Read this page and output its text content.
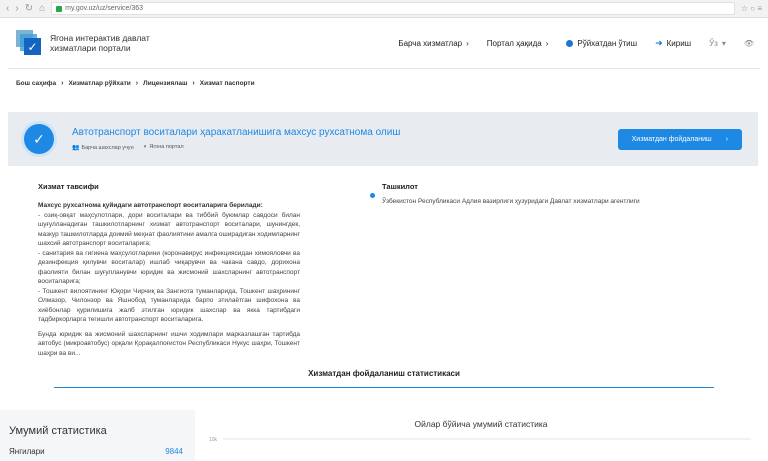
‹ › ↻ ⌂	my.gov.uz/uz/service/363	☆ ○ ≡
✓
Ягона интерактив давлат
хизматлари портали	Барча хизматлар › Портал ҳақида ›	Рўйхатдан ўтиш ➜ Кириш Ўз ▾ 👁
Бош саҳифа › Хизматлар рўйхати › Лицензиялаш › Хизмат паспорти
✓	Автотранспорт воситалари ҳаракатланишига махсус рухсатнома олиш
👥 Барча шахслар учун ◐ Ягона портал
Хизматдан фойдаланиш ›
Хизмат тавсифи

Махсус рухсатнома қуйидаги автотранспорт воситаларига берилади:

- озиқ-овқат маҳсулотлари, дори воситалари ва тиббий буюмлар савдоси билан шуғулланадиган ташкилотларнинг хизмат автотранспорт воситалари, шунингдек, мазкур ташкилотларда доимий меҳнат фаолиятини амалга оширадиган ходимларнинг шахсий автотранспорт воситаларига;

- санитария ва гигиена маҳсулотларини (коронавирус инфекциясидан химояловчи ва дезинфекция қилувчи воситалар) ишлаб чиқарувчи ва чакана савдо, дорихона фаолияти билан шуғулланувчи юридик ва жисмоний шахсларнинг автотранспорт воситаларига;

- Тошкент вилоятининг Юқори Чирчиқ ва Зангиота туманларида, Тошкент шаҳрининг Олмазор, Чилонзор ва Яшнобод туманларида барпо этилаётган шифохона ва хиёбонлар қурилишига жалб этилган юридик шахслар ва якка тартибдаги тадбиркорларга тегишли автотранспорт воситаларига.

Бунда юридик ва жисмоний шахсларнинг ишчи ходимлари марказлашган тартибда автобус (микроавтобус) орқали Қорақалпоғистон Республикаси Нукус шаҳри, Тошкент шаҳри ва ви...

Ташкилот

Ўзбекистон Республикаси Адлия вазирлиги ҳузуридаги Давлат хизматлари агентлиги

Хизматдан фойдаланиш статистикаси
Умумий статистика
Янгилари	9844
Ойлар бўйича умумий статистика
10k
